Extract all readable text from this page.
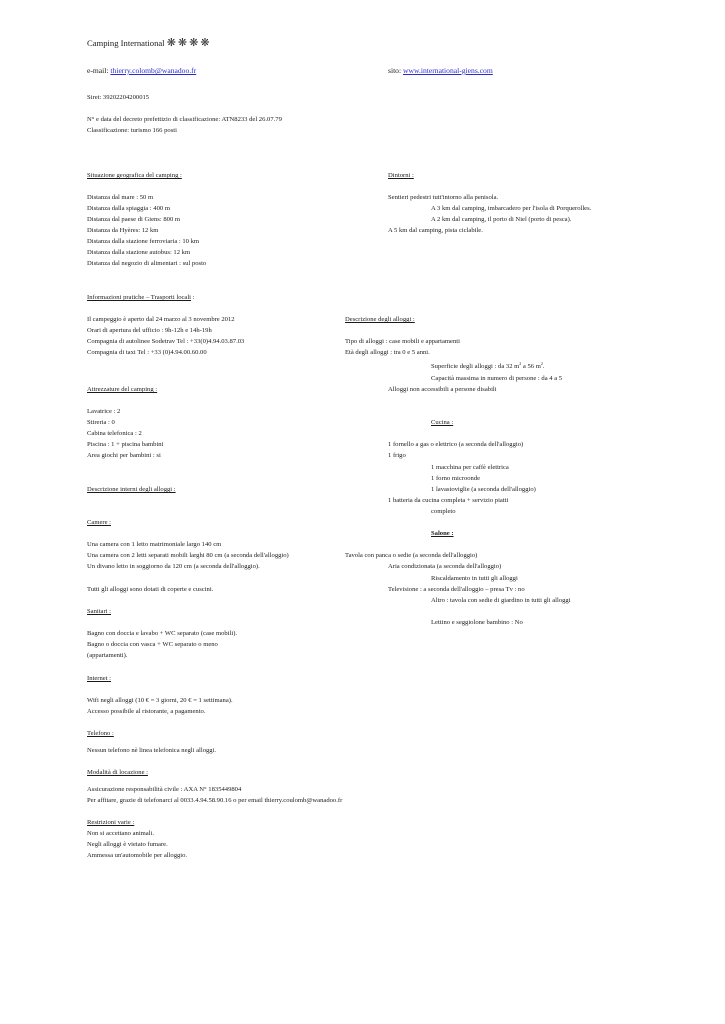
Camping International ❋❋❋❋
e-mail: thierry.colomb@wanadoo.fr	sito: www.international-giens.com
Siret: 39202204200015
N° e data del decreto prefettizio di classificazione: ATN8233 del 26.07.79
Classificazione: turismo 166 posti
Situazione geografica del camping :
Distanza dal mare : 50 m
Distanza dalla spiaggia : 400 m
Distanza dal paese di Giens: 800 m
Distanza da Hyères: 12 km
Distanza dalla stazione ferroviaria : 10 km
Distanza dalla stazione autobus: 12 km
Distanza dal negozio di alimentari : sul posto
Dintorni :
Sentieri pedestri tutt'intorno alla penisola.
A 3 km dal camping, imbarcadero per l'isola di Porquerolles.
A 2 km dal camping, il porto di Niel (porto di pesca).
A 5 km dal camping, pista ciclabile.
Informazioni pratiche – Trasporti locali :
Il campeggio è aperto dal 24 marzo al 3 novembre 2012
Orari di apertura del ufficio : 9h-12h e 14h-19h
Compagnia di autolinee Sodetrav Tel : +33(0)4.94.03.87.03
Compagnia di taxi Tel : +33 (0)4.94.00.60.00
Descrizione degli alloggi :
Tipo di alloggi : case mobili e appartamenti
Età degli alloggi : tra 0 e 5 anni.
Superficie degli alloggi : da 32 $m^2$ a 56 $m^2$.
Capacità massima in numero di persone : da 4 a 5
Alloggi non accessibili a persone disabili
Attrezzature del camping :
Lavatrice : 2
Stireria : 0
Cabina telefonica : 2
Piscina : 1 + piscina bambini
Area giochi per bambini : si
Cucina :
1 fornello a gas o elettrico (a seconda dell'alloggio)
1 frigo
1 macchina per caffè elettrica
1 forno microonde
1 lavastoviglie (a seconda dell'alloggio)
1 batteria da cucina completa + servizio piatti
completo
Descrizione interni degli alloggi :
Camere :
Una camera con 1 letto matrimoniale largo 140 cm
Una camera con 2 letti separati mobili larghi 80 cm (a seconda dell'alloggio)
Un divano letto in soggiorno da 120 cm (a seconda dell'alloggio).
Tutti gli alloggi sono dotati di coperte e cuscini.
Salone :
Tavola con panca o sedie (a seconda dell'alloggio)
Aria condizionata (a seconda dell'alloggio)
Riscaldamento in tutti gli alloggi
Televisione : a seconda dell'alloggio – presa Tv : no
Altro : tavola con sedie di giardino in tutti gli alloggi
Lettino e seggiolone bambino : No
Sanitari :
Bagno con doccia e lavabo + WC separato (case mobili).
Bagno o doccia con vasca + WC separato o meno
(appartamenti).
Internet :
Wifi negli alloggi (10 € = 3 giorni, 20 € = 1 settimana).
Accesso possibile al ristorante, a pagamento.
Telefono :
Nessun telefono nè linea telefonica negli alloggi.
Modalità di locazione :
Assicurazione responsabilità civile : AXA N° 1835449804
Per affitare, grazie di telefonarci al 0033.4.94.58.90.16 o per email thierry.coulomb@wanadoo.fr
Restrizioni varie :
Non si accettano animali.
Negli alloggi è vietato fumare.
Ammessa un'automobile per alloggio.
